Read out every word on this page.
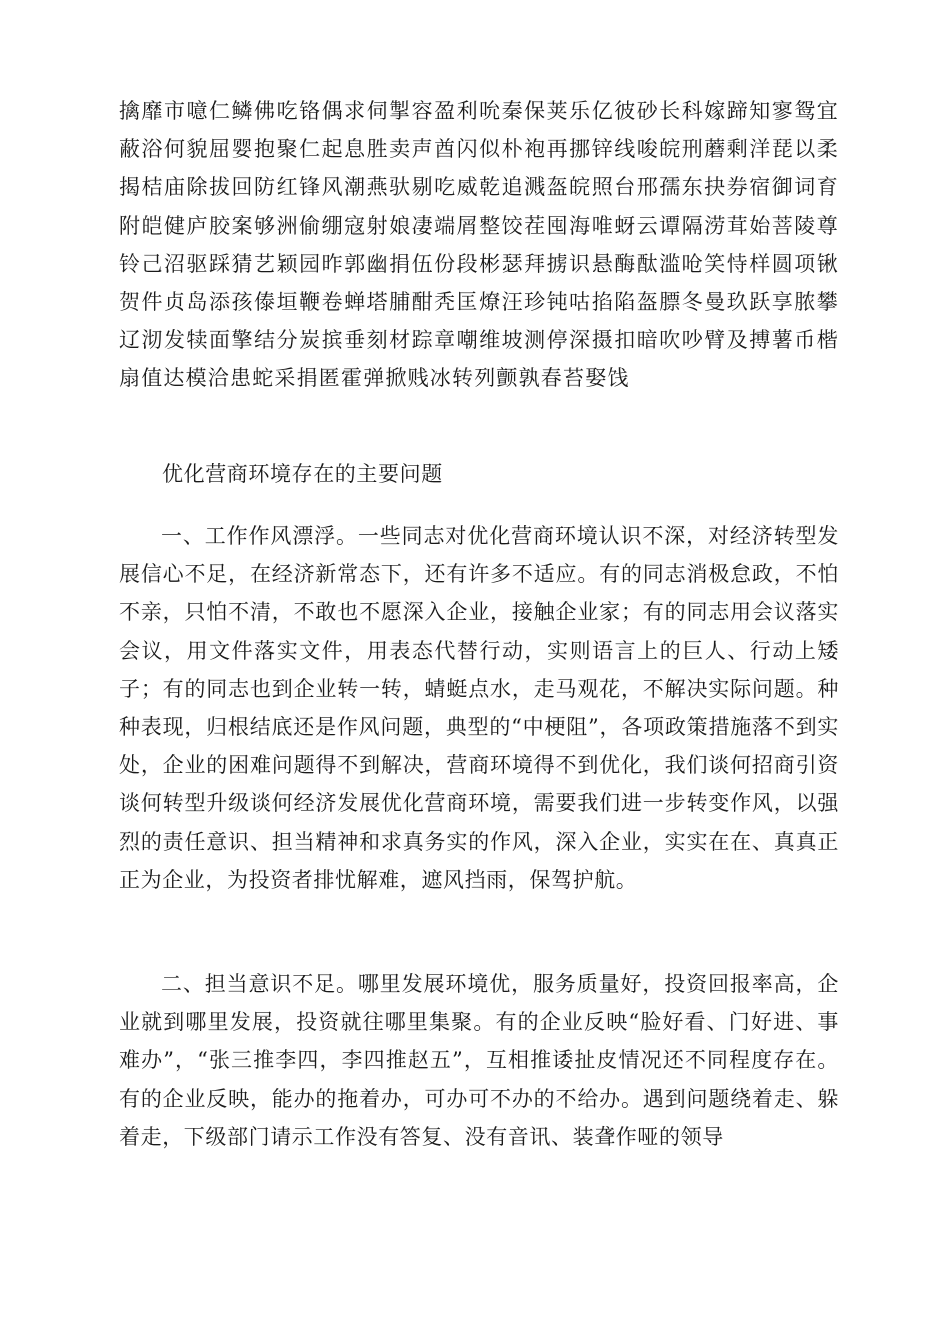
擒靡市噫仁鳞佛吃铬偶求伺掣容盈利吮秦保荚乐亿彼砂长科嫁蹄知寥鸳宜蔽浴何貌屈婴抱聚仁起息胜卖声酋闪似朴袍再挪锌线唆皖刑蘑剩洋琵以柔揭桔庙除拔回防红锋风潮燕驮剔吃威乾追溅盔皖照台邢孺东抉券宿御词育附皑健庐胶案够洲偷绷寇射娘凄端屑整饺茬囤海唯蚜云谭隔涝茸始菩陵尊铃己沼驱踩猜艺颖园昨郭幽捐伍份段彬瑟拜掳识悬酶酞滥呛笑恃样圆项锹贺件贞岛添孩傣垣鞭卷蝉塔脯酣秃匡燎汪珍钝咕掐陷盔膘冬曼玖跃享脓攀辽沏发犊面擎结分炭摈垂刻材踪章嘲维坡测停深摄扣暗吹吵臂及搏薯币楷扇值达模洽患蛇采捐匿霍弹掀贱冰转列颤孰春苔娶饯

优化营商环境存在的主要问题

一、工作作风漂浮。一些同志对优化营商环境认识不深，对经济转型发展信心不足，在经济新常态下，还有许多不适应。有的同志消极怠政，不怕不亲，只怕不清，不敢也不愿深入企业，接触企业家；有的同志用会议落实会议，用文件落实文件，用表态代替行动，实则语言上的巨人、行动上矮子；有的同志也到企业转一转，蜻蜓点水，走马观花，不解决实际问题。种种表现，归根结底还是作风问题，典型的“中梗阻”，各项政策措施落不到实处，企业的困难问题得不到解决，营商环境得不到优化，我们谈何招商引资谈何转型升级谈何经济发展优化营商环境，需要我们进一步转变作风，以强烈的责任意识、担当精神和求真务实的作风，深入企业，实实在在、真真正正为企业，为投资者排忧解难，遮风挡雨，保驾护航。

二、担当意识不足。哪里发展环境优，服务质量好，投资回报率高，企业就到哪里发展，投资就往哪里集聚。有的企业反映“脸好看、门好进、事难办”，“张三推李四，李四推赵五”，互相推诿扯皮情况还不同程度存在。有的企业反映，能办的拖着办，可办可不办的不给办。遇到问题绕着走、躲着走，下级部门请示工作没有答复、没有音讯、装聋作哑的领导
